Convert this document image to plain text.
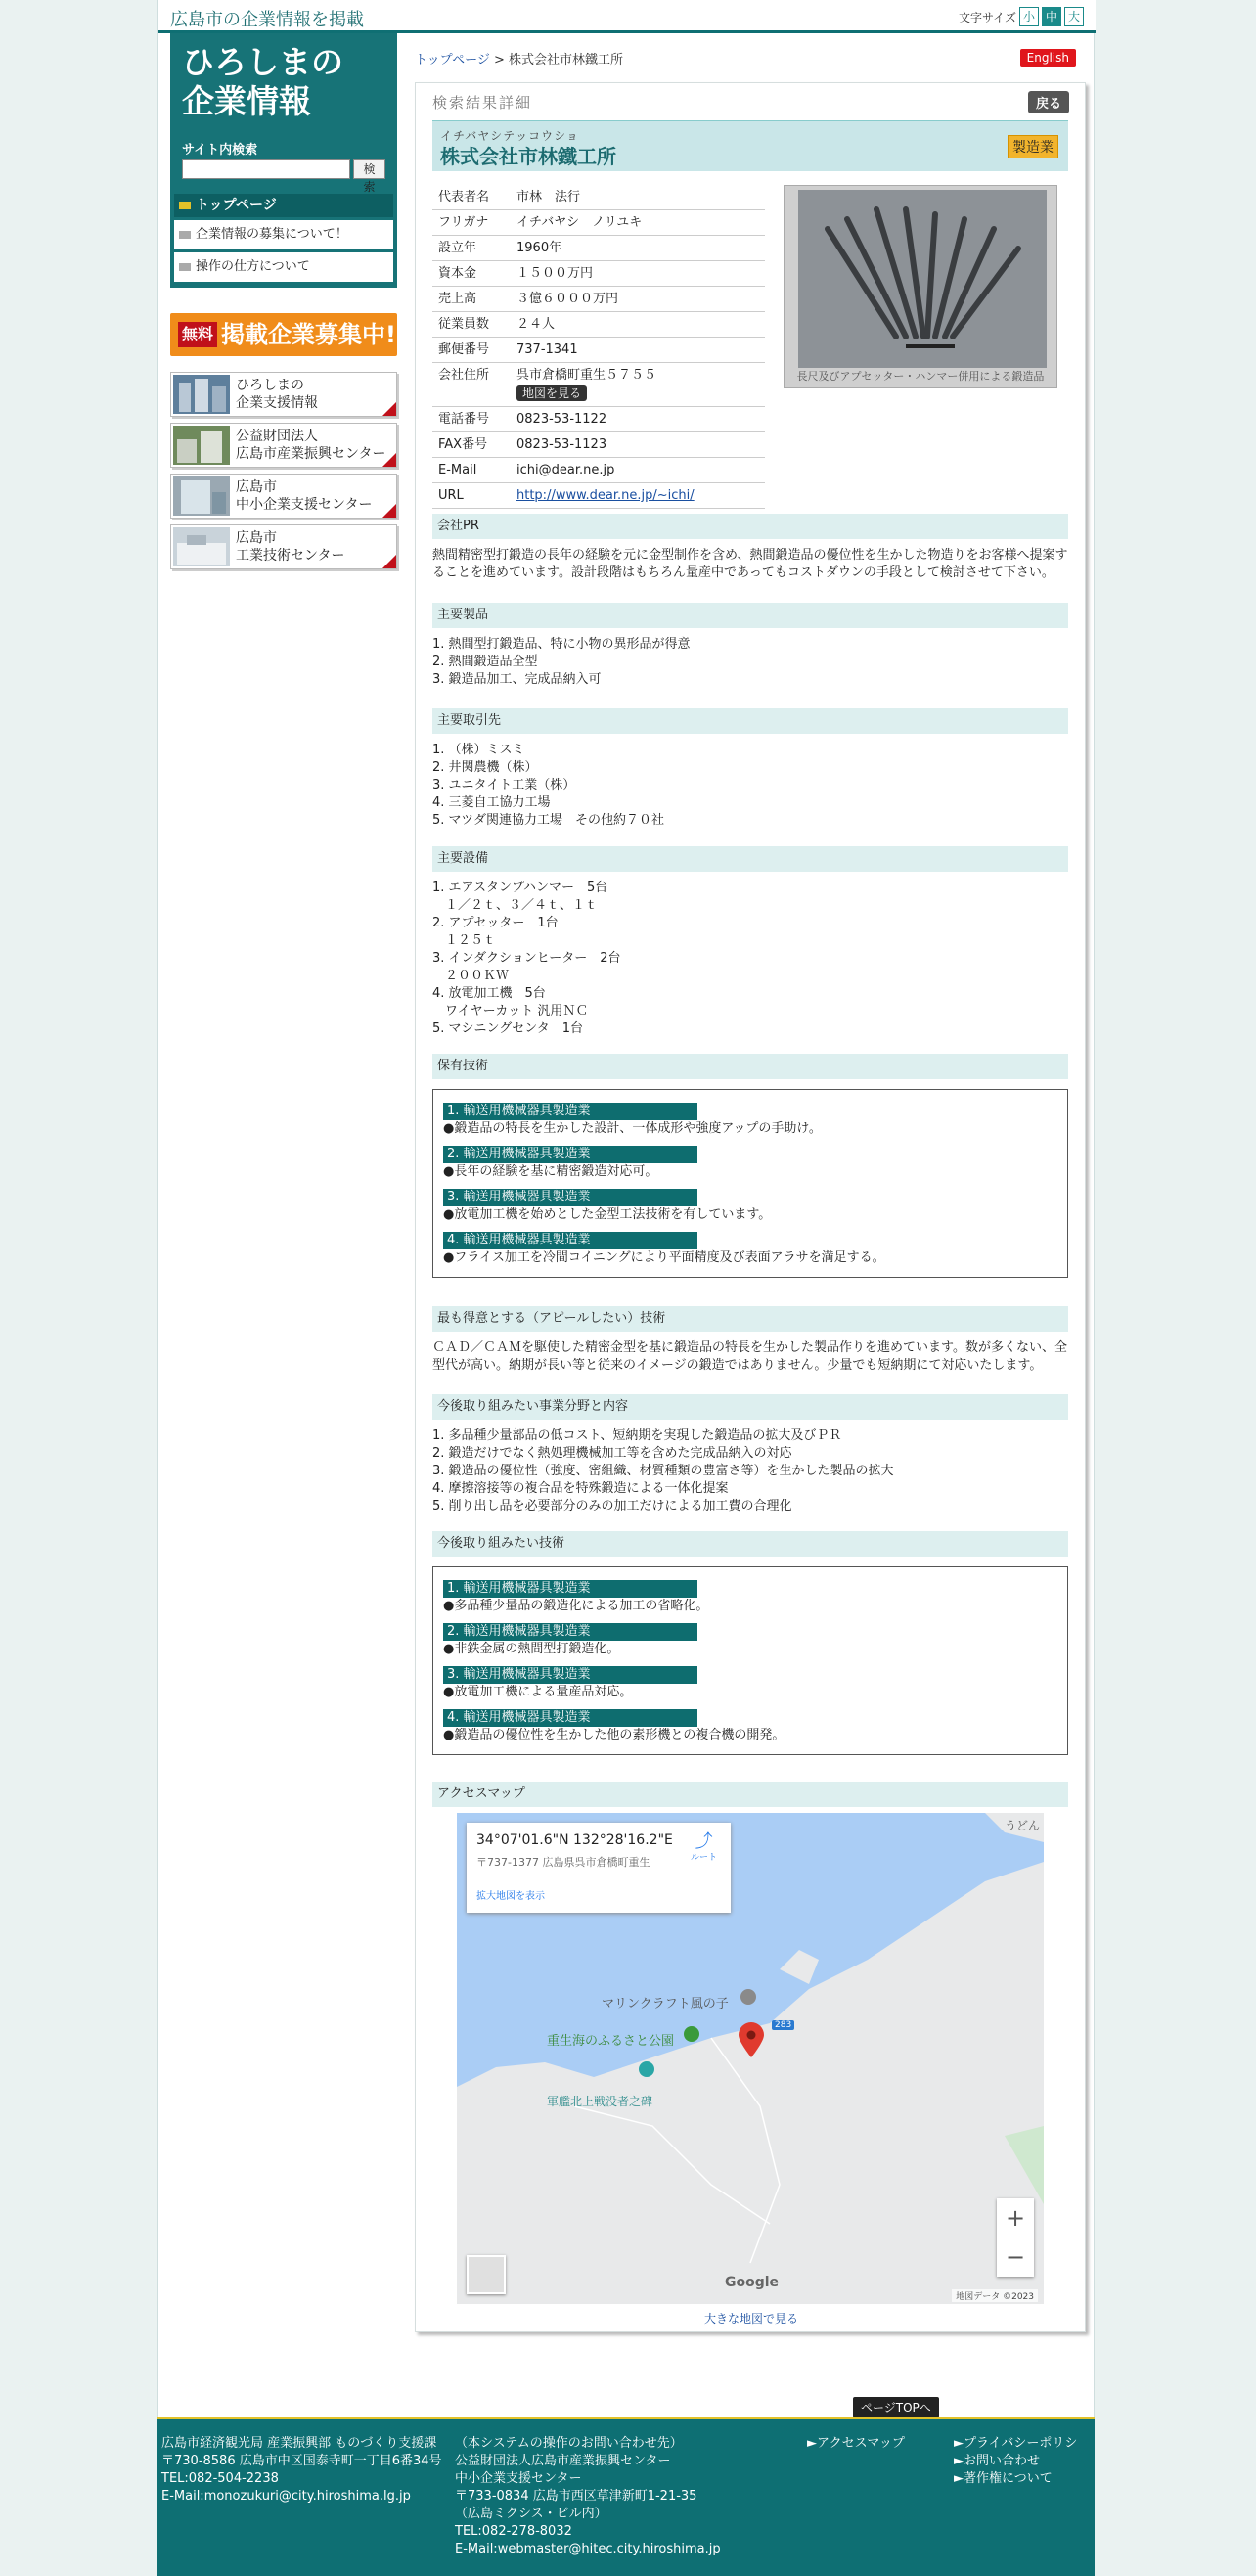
広島市の企業情報を掲載	文字サイズ 小 中 大
ひろしまの
企業情報
サイト内検索
検索
トップページ
企業情報の募集について！
操作の仕方について
無料 掲載企業募集中!
ひろしまの
企業支援情報
公益財団法人
広島市産業振興センター
広島市
中小企業支援センター
広島市
工業技術センター
トップページ > 株式会社市林鐵工所	English
検索結果詳細	戻る
イチバヤシテッコウショ
株式会社市林鐵工所	製造業
代表者名	市林　法行
フリガナ	イチバヤシ　ノリユキ
設立年	1960年
資本金	１５００万円
売上高	３億６０００万円
従業員数	２４人
郵便番号	737-1341
会社住所	呉市倉橋町重生５７５５
地図を見る
電話番号	0823-53-1122
FAX番号	0823-53-1123
E-Mail	ichi@dear.ne.jp
URL	http://www.dear.ne.jp/~ichi/
長尺及びアプセッター・ハンマー併用による鍛造品
会社PR
熱間精密型打鍛造の長年の経験を元に金型制作を含め、熱間鍛造品の優位性を生かした物造りをお客様へ提案することを進めています。設計段階はもちろん量産中であってもコストダウンの手段として検討させて下さい。
主要製品

1. 熱間型打鍛造品、特に小物の異形品が得意

2. 熱間鍛造品全型

3. 鍛造品加工、完成品納入可

主要取引先

1. （株）ミスミ

2. 井関農機（株）

3. ユニタイト工業（株）

4. 三菱自工協力工場

5. マツダ関連協力工場　その他約７０社

主要設備

1. エアスタンプハンマー　5台

　１／２ｔ、３／４ｔ、１ｔ

2. アプセッター　1台

　１２５ｔ

3. インダクションヒーター　2台

　２００ＫＷ

4. 放電加工機　5台

　ワイヤーカット 汎用ＮＣ

5. マシニングセンタ　1台

保有技術
1. 輸送用機械器具製造業
●鍛造品の特長を生かした設計、一体成形や強度アップの手助け。
2. 輸送用機械器具製造業
●長年の経験を基に精密鍛造対応可。
3. 輸送用機械器具製造業
●放電加工機を始めとした金型工法技術を有しています。
4. 輸送用機械器具製造業
●フライス加工を冷間コイニングにより平面精度及び表面アラサを満足する。
最も得意とする（アピールしたい）技術
ＣＡＤ／ＣＡＭを駆使した精密金型を基に鍛造品の特長を生かした製品作りを進めています。数が多くない、全型代が高い。納期が長い等と従来のイメージの鍛造ではありません。少量でも短納期にて対応いたします。
今後取り組みたい事業分野と内容

1. 多品種少量部品の低コスト、短納期を実現した鍛造品の拡大及びＰＲ

2. 鍛造だけでなく熱処理機械加工等を含めた完成品納入の対応

3. 鍛造品の優位性（強度、密組織、材質種類の豊富さ等）を生かした製品の拡大

4. 摩擦溶接等の複合品を特殊鍛造による一体化提案

5. 削り出し品を必要部分のみの加工だけによる加工費の合理化

今後取り組みたい技術
1. 輸送用機械器具製造業
●多品種少量品の鍛造化による加工の省略化。
2. 輸送用機械器具製造業
●非鉄金属の熱間型打鍛造化。
3. 輸送用機械器具製造業
●放電加工機による量産品対応。
4. 輸送用機械器具製造業
●鍛造品の優位性を生かした他の素形機との複合機の開発。
アクセスマップ
34°07'01.6"N 132°28'16.2"E
〒737-1377 広島県呉市倉橋町重生
拡大地図を表示
⤴
ルート
うどん
マリンクラフト風の子
重生海のふるさと公園
軍艦北上戦没者之碑
283
+
−
Google
地図データ ©2023
大きな地図で見る
ページTOPへ
広島市経済観光局 産業振興部 ものづくり支援課
〒730-8586 広島市中区国泰寺町一丁目6番34号
TEL:082-504-2238
E-Mail:monozukuri@city.hiroshima.lg.jp
（本システムの操作のお問い合わせ先）
公益財団法人広島市産業振興センター
中小企業支援センター
〒733-0834 広島市西区草津新町1-21-35
（広島ミクシス・ビル内）
TEL:082-278-8032
E-Mail:webmaster@hitec.city.hiroshima.jp
►アクセスマップ	►プライバシーポリシ
►お問い合わせ
►著作権について
